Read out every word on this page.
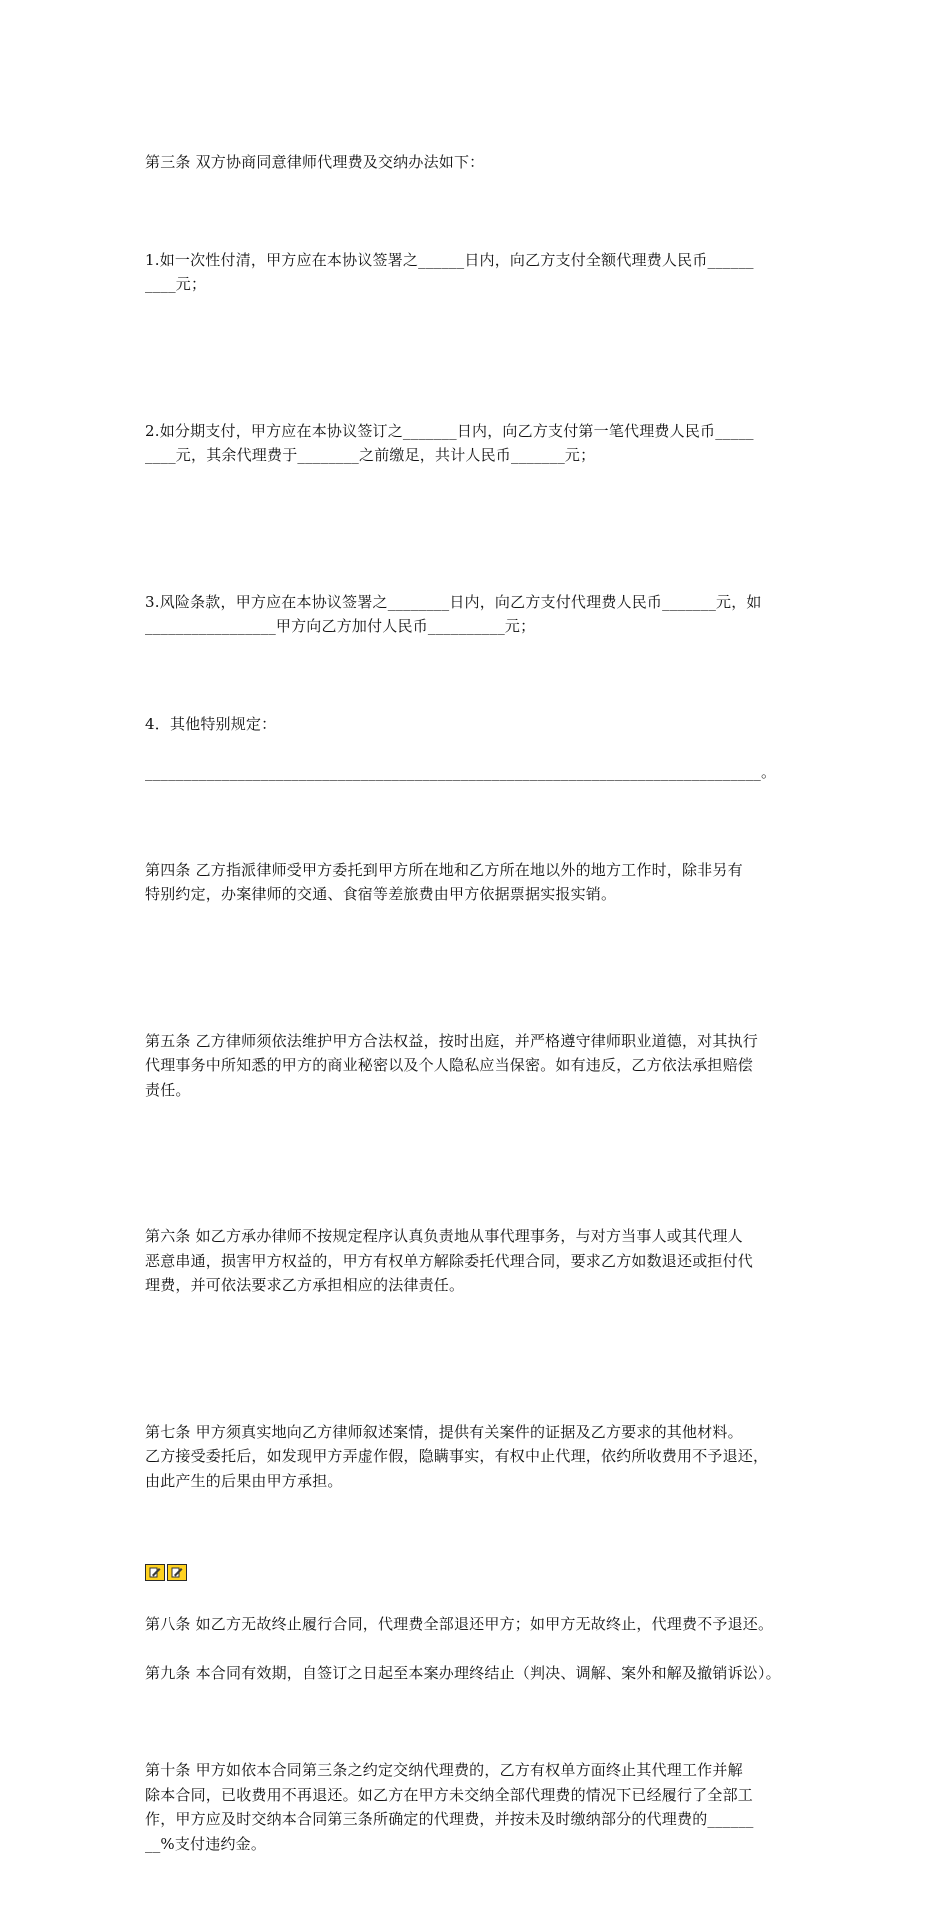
第三条 双方协商同意律师代理费及交纳办法如下：

1.如一次性付清，甲方应在本协议签署之______日内，向乙方支付全额代理费人民币______
____元；

2.如分期支付，甲方应在本协议签订之_______日内，向乙方支付第一笔代理费人民币_____
____元，其余代理费于________之前缴足，共计人民币_______元；

3.风险条款，甲方应在本协议签署之________日内，向乙方支付代理费人民币_______元，如
_________________甲方向乙方加付人民币__________元；

4．其他特别规定：

________________________________________________________________________________。

第四条 乙方指派律师受甲方委托到甲方所在地和乙方所在地以外的地方工作时，除非另有
特别约定，办案律师的交通、食宿等差旅费由甲方依据票据实报实销。

第五条 乙方律师须依法维护甲方合法权益，按时出庭，并严格遵守律师职业道德，对其执行
代理事务中所知悉的甲方的商业秘密以及个人隐私应当保密。如有违反，乙方依法承担赔偿
责任。

第六条 如乙方承办律师不按规定程序认真负责地从事代理事务，与对方当事人或其代理人
恶意串通，损害甲方权益的，甲方有权单方解除委托代理合同，要求乙方如数退还或拒付代
理费，并可依法要求乙方承担相应的法律责任。

第七条 甲方须真实地向乙方律师叙述案情，提供有关案件的证据及乙方要求的其他材料。
乙方接受委托后，如发现甲方弄虚作假，隐瞒事实，有权中止代理，依约所收费用不予退还，
由此产生的后果由甲方承担。

第八条 如乙方无故终止履行合同，代理费全部退还甲方；如甲方无故终止，代理费不予退还。

第九条 本合同有效期，自签订之日起至本案办理终结止（判决、调解、案外和解及撤销诉讼）。

第十条 甲方如依本合同第三条之约定交纳代理费的，乙方有权单方面终止其代理工作并解
除本合同，已收费用不再退还。如乙方在甲方未交纳全部代理费的情况下已经履行了全部工
作，甲方应及时交纳本合同第三条所确定的代理费，并按未及时缴纳部分的代理费的______
__%支付违约金。
